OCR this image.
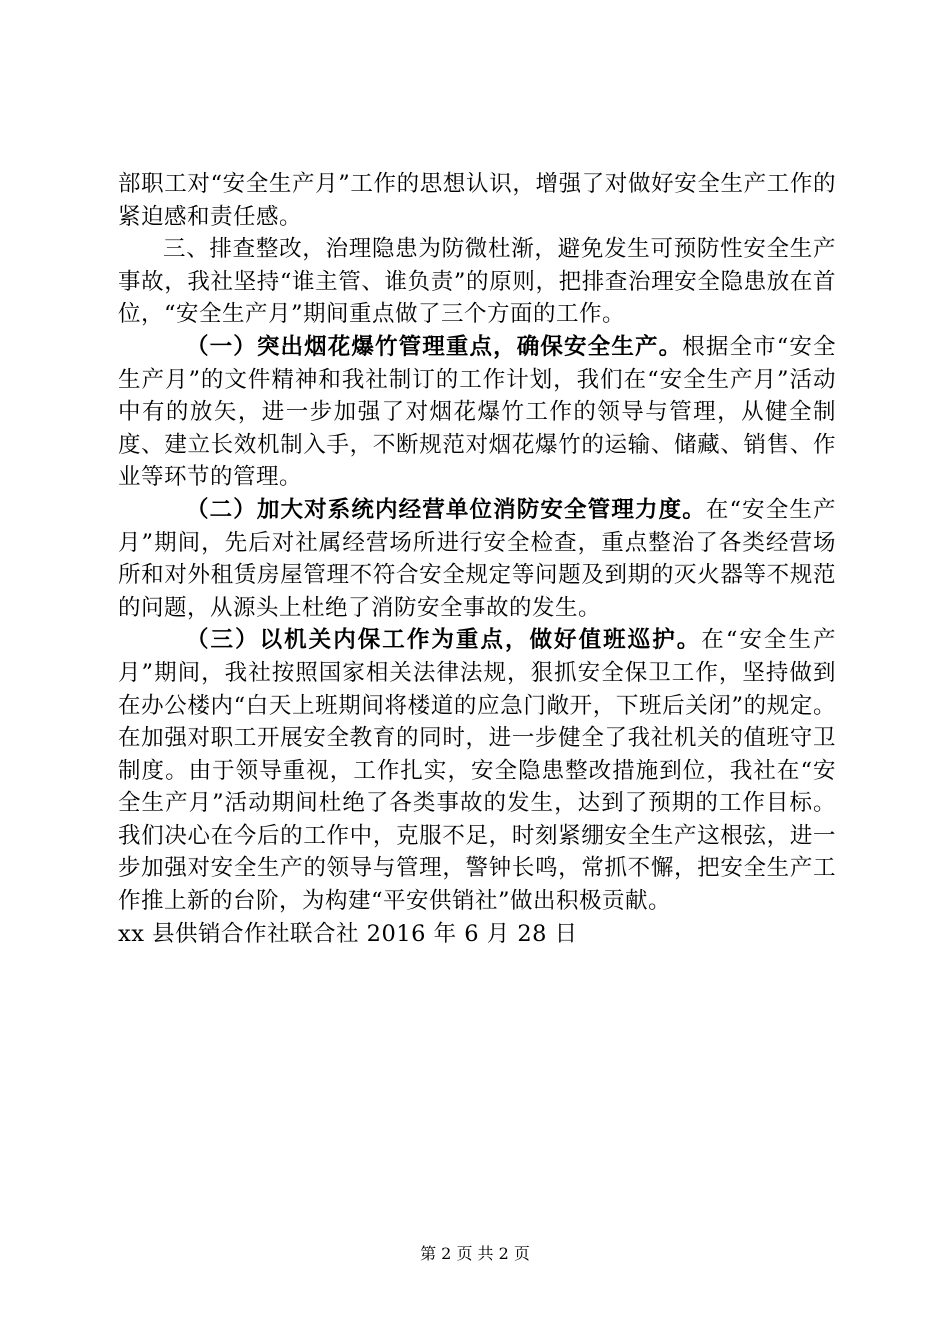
部职工对“安全生产月”工作的思想认识，增强了对做好安全生产工作的紧迫感和责任感。

三、排查整改，治理隐患为防微杜渐，避免发生可预防性安全生产事故，我社坚持“谁主管、谁负责”的原则，把排查治理安全隐患放在首位，“安全生产月”期间重点做了三个方面的工作。

（一）突出烟花爆竹管理重点，确保安全生产。根据全市“安全生产月”的文件精神和我社制订的工作计划，我们在“安全生产月”活动中有的放矢，进一步加强了对烟花爆竹工作的领导与管理，从健全制度、建立长效机制入手，不断规范对烟花爆竹的运输、储藏、销售、作业等环节的管理。

（二）加大对系统内经营单位消防安全管理力度。在“安全生产月”期间，先后对社属经营场所进行安全检查，重点整治了各类经营场所和对外租赁房屋管理不符合安全规定等问题及到期的灭火器等不规范的问题，从源头上杜绝了消防安全事故的发生。

（三）以机关内保工作为重点，做好值班巡护。在“安全生产月”期间，我社按照国家相关法律法规，狠抓安全保卫工作，坚持做到在办公楼内“白天上班期间将楼道的应急门敞开，下班后关闭”的规定。在加强对职工开展安全教育的同时，进一步健全了我社机关的值班守卫制度。由于领导重视，工作扎实，安全隐患整改措施到位，我社在“安全生产月”活动期间杜绝了各类事故的发生，达到了预期的工作目标。我们决心在今后的工作中，克服不足，时刻紧绷安全生产这根弦，进一步加强对安全生产的领导与管理，警钟长鸣，常抓不懈，把安全生产工作推上新的台阶，为构建“平安供销社”做出积极贡献。

xx 县供销合作社联合社 2016 年 6 月 28 日

第 2 页 共 2 页
